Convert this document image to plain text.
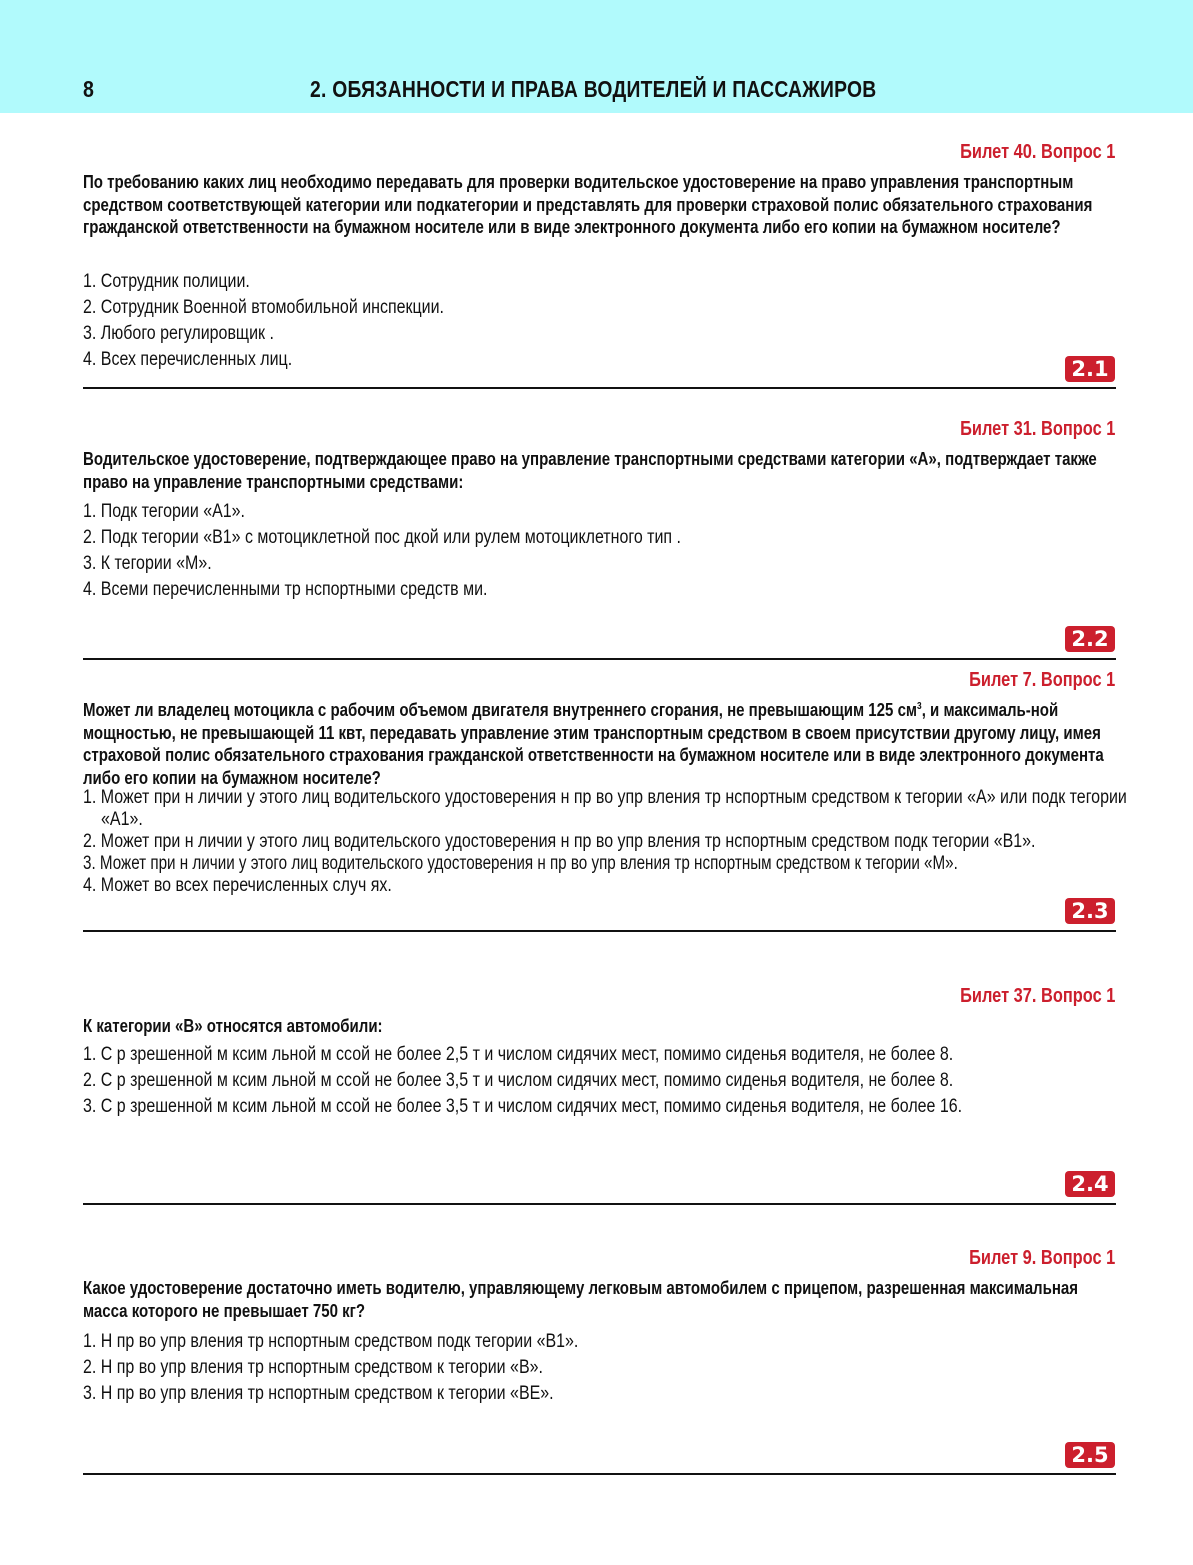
8	2. ОБЯЗАННОСТИ И ПРАВА ВОДИТЕЛЕЙ И ПАССАЖИРОВ
Билет 40. Вопрос 1
По требованию каких лиц необходимо передавать для проверки водительское удостоверение на право управления транспортным средством соответствующей категории или подкатегории и представлять для проверки страховой полис обязательного страхования гражданской ответственности на бумажном носителе или в виде электронного документа либо его копии на бумажном носителе?
1. Сотрудник полиции.
2. Сотрудник Военной втомобильной инспекции.
3. Любого регулировщик .
4. Всех перечисленных лиц.	2.1
Билет 31. Вопрос 1
Водительское удостоверение, подтверждающее право на управление транспортными средствами категории «А», подтверждает также право на управление транспортными средствами:
1. Подк тегории «А1».
2. Подк тегории «В1» с мотоциклетной пос дкой или рулем мотоциклетного тип .
3. К тегории «М».
4. Всеми перечисленными тр нспортными средств ми.
2.2
Билет 7. Вопрос 1
Может ли владелец мотоцикла с рабочим объемом двигателя внутреннего сгорания, не превышающим 125 $см^3$, и максималь-ной мощностью, не превышающей 11 квт, передавать управление этим транспортным средством в своем присутствии другому лицу, имея страховой полис обязательного страхования гражданской ответственности на бумажном носителе или в виде электронного документа либо его копии на бумажном носителе?
1. Может при н личии у этого лиц водительского удостоверения н пр во упр вления тр нспортным средством к тегории «А» или подк тегории «А1».
2. Может при н личии у этого лиц водительского удостоверения н пр во упр вления тр нспортным средством подк тегории «В1».
3. Может при н личии у этого лиц водительского удостоверения н пр во упр вления тр нспортным средством к тегории «М».
4. Может во всех перечисленных случ ях.
2.3
Билет 37. Вопрос 1
К категории «В» относятся автомобили:
1. С р зрешенной м ксим льной м ссой не более 2,5 т и числом сидячих мест, помимо сиденья водителя, не более 8.
2. С р зрешенной м ксим льной м ссой не более 3,5 т и числом сидячих мест, помимо сиденья водителя, не более 8.
3. С р зрешенной м ксим льной м ссой не более 3,5 т и числом сидячих мест, помимо сиденья водителя, не более 16.
2.4
Билет 9. Вопрос 1
Какое удостоверение достаточно иметь водителю, управляющему легковым автомобилем с прицепом, разрешенная максимальная масса которого не превышает 750 кг?
1. Н пр во упр вления тр нспортным средством подк тегории «В1».
2. Н пр во упр вления тр нспортным средством к тегории «В».
3. Н пр во упр вления тр нспортным средством к тегории «ВЕ».
2.5
